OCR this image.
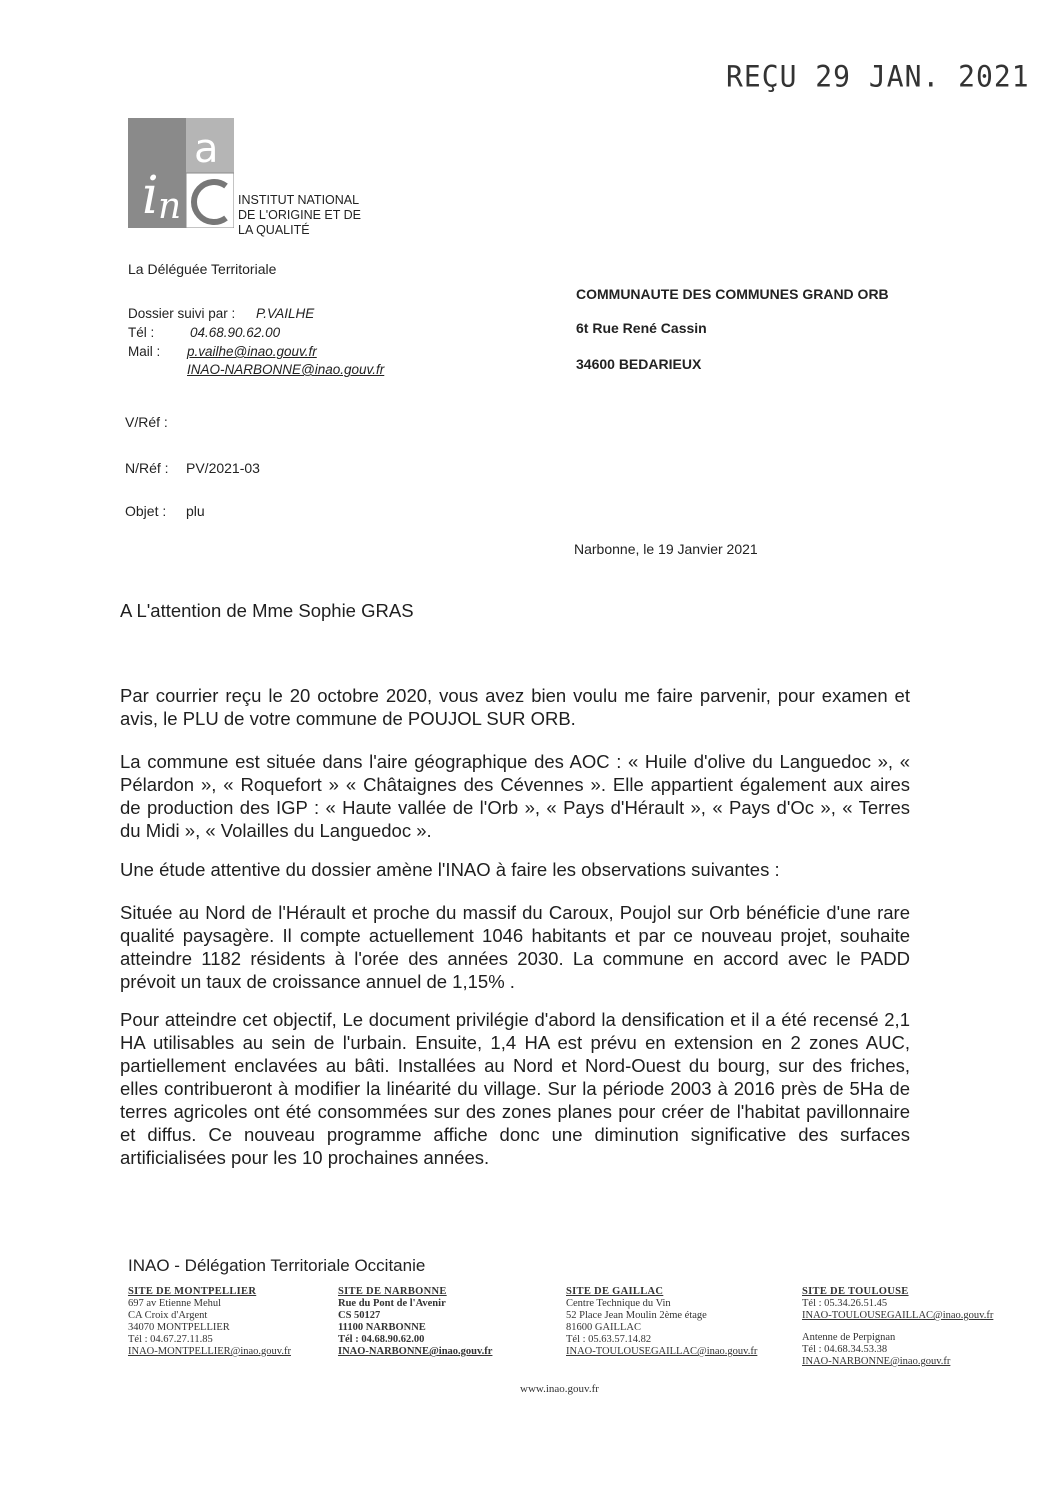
REÇU 29 JAN. 2021
i n
a
INSTITUT NATIONAL
DE L'ORIGINE ET DE
LA QUALITÉ
La Déléguée Territoriale
Dossier suivi par : P.VAILHE
Tél :	04.68.90.62.00
Mail : p.vailhe@inao.gouv.fr
INAO-NARBONNE@inao.gouv.fr
COMMUNAUTE DES COMMUNES GRAND ORB
6t Rue René Cassin
34600 BEDARIEUX
V/Réf :
N/Réf : PV/2021-03
Objet : plu
Narbonne, le 19 Janvier 2021
A L'attention de Mme Sophie GRAS
Par courrier reçu le 20 octobre 2020, vous avez bien voulu me faire parvenir, pour examen et avis, le PLU de votre commune de POUJOL SUR ORB.
La commune est située dans l'aire géographique des AOC : « Huile d'olive du Languedoc », « Pélardon », « Roquefort » « Châtaignes des Cévennes ». Elle appartient également aux aires de production des IGP : « Haute vallée de l'Orb », « Pays d'Hérault », « Pays d'Oc », « Terres du Midi », « Volailles du Languedoc ».
Une étude attentive du dossier amène l'INAO à faire les observations suivantes :
Située au Nord de l'Hérault et proche du massif du Caroux, Poujol sur Orb bénéficie d'une rare qualité paysagère. Il compte actuellement 1046 habitants et par ce nouveau projet, souhaite atteindre 1182 résidents à l'orée des années 2030. La commune en accord avec le PADD prévoit un taux de croissance annuel de 1,15% .
Pour atteindre cet objectif, Le document privilégie d'abord la densification et il a été recensé 2,1 HA utilisables au sein de l'urbain. Ensuite, 1,4 HA est prévu en extension en 2 zones AUC, partiellement enclavées au bâti. Installées au Nord et Nord-Ouest du bourg, sur des friches, elles contribueront à modifier la linéarité du village. Sur la période 2003 à 2016 près de 5Ha de terres agricoles ont été consommées sur des zones planes pour créer de l'habitat pavillonnaire et diffus. Ce nouveau programme affiche donc une diminution significative des surfaces artificialisées pour les 10 prochaines années.
INAO - Délégation Territoriale Occitanie
SITE DE MONTPELLIER
697 av Etienne Mehul
CA Croix d'Argent
34070 MONTPELLIER
Tél : 04.67.27.11.85
INAO-MONTPELLIER@inao.gouv.fr
SITE DE NARBONNE
Rue du Pont de l'Avenir
CS 50127
11100 NARBONNE
Tél : 04.68.90.62.00
INAO-NARBONNE@inao.gouv.fr
SITE DE GAILLAC
Centre Technique du Vin
52 Place Jean Moulin 2ème étage
81600 GAILLAC
Tél : 05.63.57.14.82
INAO-TOULOUSEGAILLAC@inao.gouv.fr
SITE DE TOULOUSE
Tél : 05.34.26.51.45
INAO-TOULOUSEGAILLAC@inao.gouv.fr
Antenne de Perpignan
Tél : 04.68.34.53.38
INAO-NARBONNE@inao.gouv.fr
www.inao.gouv.fr
